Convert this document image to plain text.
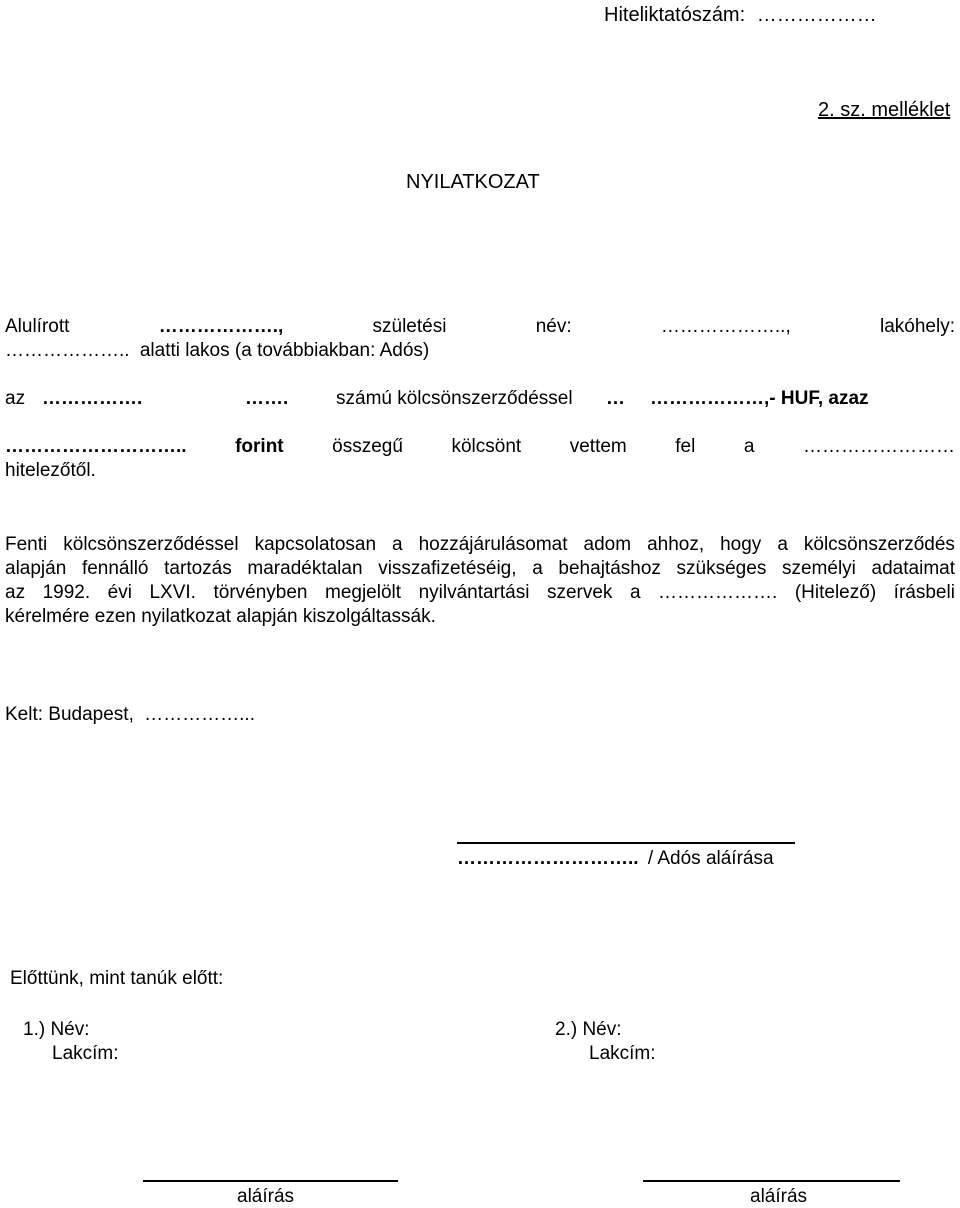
Hiteliktatószám: ………………
2. sz. melléklet
NYILATKOZAT
Alulírott	……………….,	születési	név:	………………..,	lakóhely:
……………….. alatti lakos (a továbbiakban: Adós)
az …………….	…….	számú kölcsönszerződéssel … ………………,- HUF, azaz
………………………..	forint	összegű	kölcsönt	vettem	fel	a	……………………
hitelezőtől.
Fenti kölcsönszerződéssel kapcsolatosan a hozzájárulásomat adom ahhoz, hogy a kölcsönszerződés
alapján fennálló tartozás maradéktalan visszafizetéséig, a behajtáshoz szükséges személyi adataimat
az 1992. évi LXVI. törvényben megjelölt nyilvántartási szervek a ………………. (Hitelező) írásbeli
kérelmére ezen nyilatkozat alapján kiszolgáltassák.
Kelt: Budapest, ……………...
……………………….. / Adós aláírása
Előttünk, mint tanúk előtt:
1.) Név:
Lakcím:
2.) Név:
Lakcím:
aláírás	aláírás
